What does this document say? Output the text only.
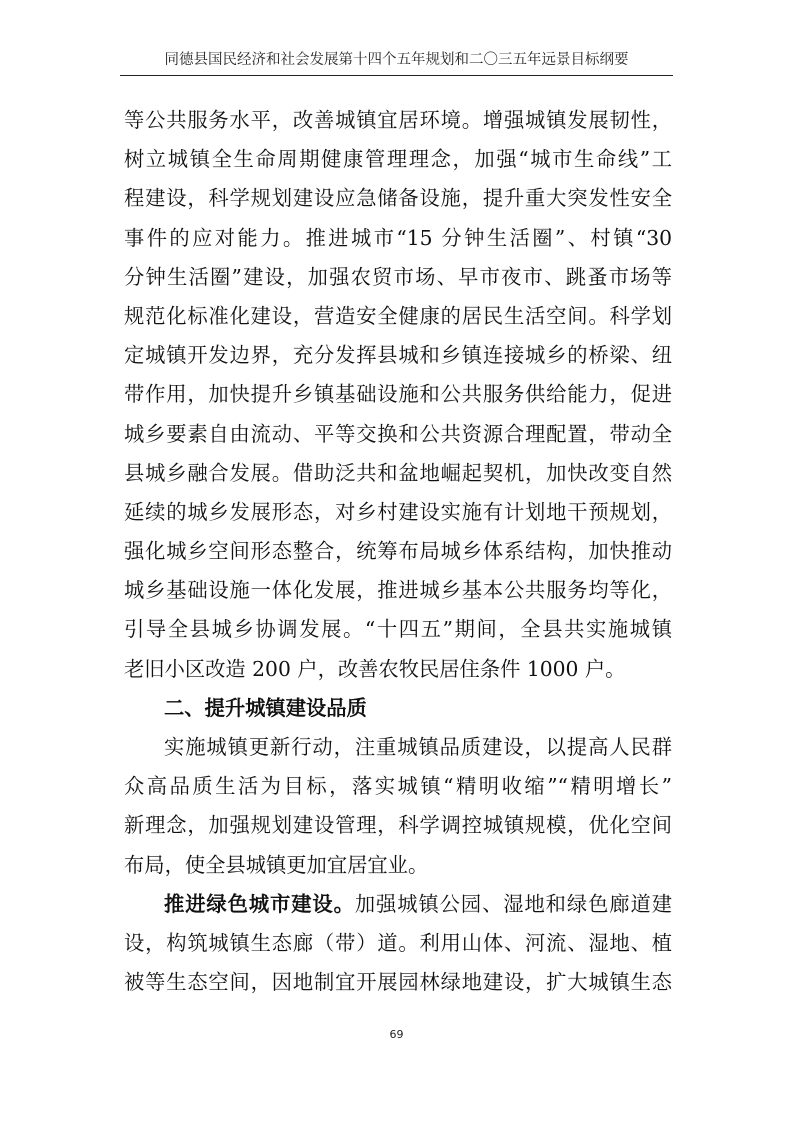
同德县国民经济和社会发展第十四个五年规划和二〇三五年远景目标纲要
等公共服务水平，改善城镇宜居环境。增强城镇发展韧性，
树立城镇全生命周期健康管理理念，加强“城市生命线”工
程建设，科学规划建设应急储备设施，提升重大突发性安全
事件的应对能力。推进城市“15 分钟生活圈”、村镇“30
分钟生活圈”建设，加强农贸市场、早市夜市、跳蚤市场等
规范化标准化建设，营造安全健康的居民生活空间。科学划
定城镇开发边界，充分发挥县城和乡镇连接城乡的桥梁、纽
带作用，加快提升乡镇基础设施和公共服务供给能力，促进
城乡要素自由流动、平等交换和公共资源合理配置，带动全
县城乡融合发展。借助泛共和盆地崛起契机，加快改变自然
延续的城乡发展形态，对乡村建设实施有计划地干预规划，
强化城乡空间形态整合，统筹布局城乡体系结构，加快推动
城乡基础设施一体化发展，推进城乡基本公共服务均等化，
引导全县城乡协调发展。“十四五”期间，全县共实施城镇
老旧小区改造 200 户，改善农牧民居住条件 1000 户。
二、提升城镇建设品质
实施城镇更新行动，注重城镇品质建设，以提高人民群
众高品质生活为目标，落实城镇“精明收缩”“精明增长”
新理念，加强规划建设管理，科学调控城镇规模，优化空间
布局，使全县城镇更加宜居宜业。
推进绿色城市建设。加强城镇公园、湿地和绿色廊道建
设，构筑城镇生态廊（带）道。利用山体、河流、湿地、植
被等生态空间，因地制宜开展园林绿地建设，扩大城镇生态
69
